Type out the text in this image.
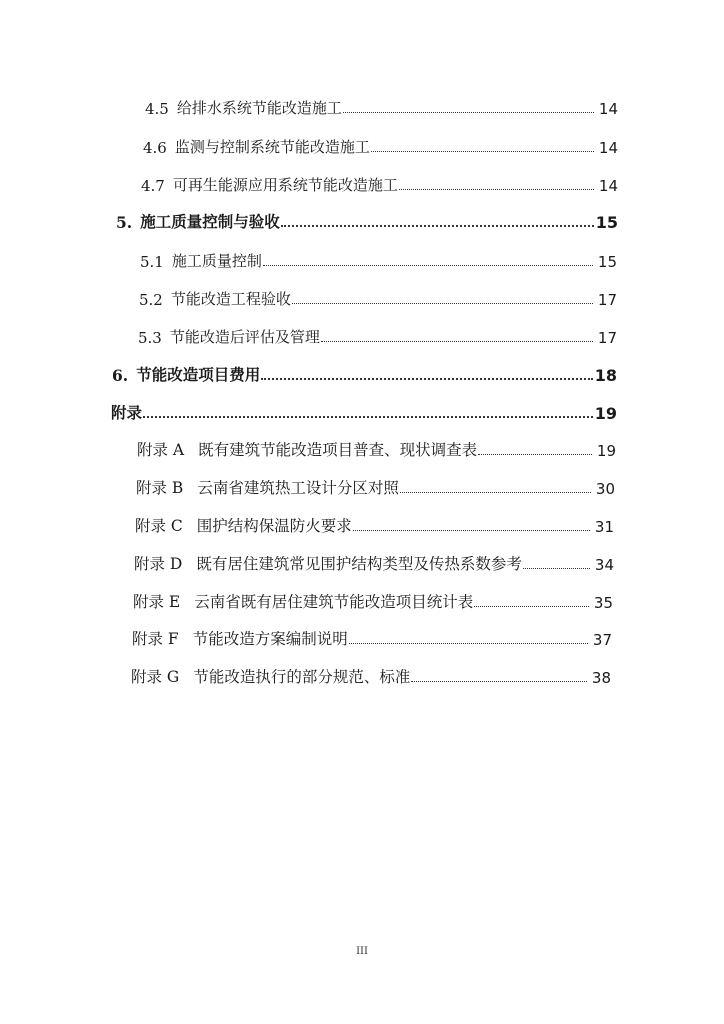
4.5 给排水系统节能改造施工	14
4.6 监测与控制系统节能改造施工	14
4.7 可再生能源应用系统节能改造施工	14
5. 施工质量控制与验收	15
5.1 施工质量控制	15
5.2 节能改造工程验收	17
5.3 节能改造后评估及管理	17
6. 节能改造项目费用	18
附录	19
附录 A 既有建筑节能改造项目普查、现状调查表	19
附录 B 云南省建筑热工设计分区对照	30
附录 C 围护结构保温防火要求	31
附录 D 既有居住建筑常见围护结构类型及传热系数参考	34
附录 E 云南省既有居住建筑节能改造项目统计表	35
附录 F 节能改造方案编制说明	37
附录 G 节能改造执行的部分规范、标准	38
III
